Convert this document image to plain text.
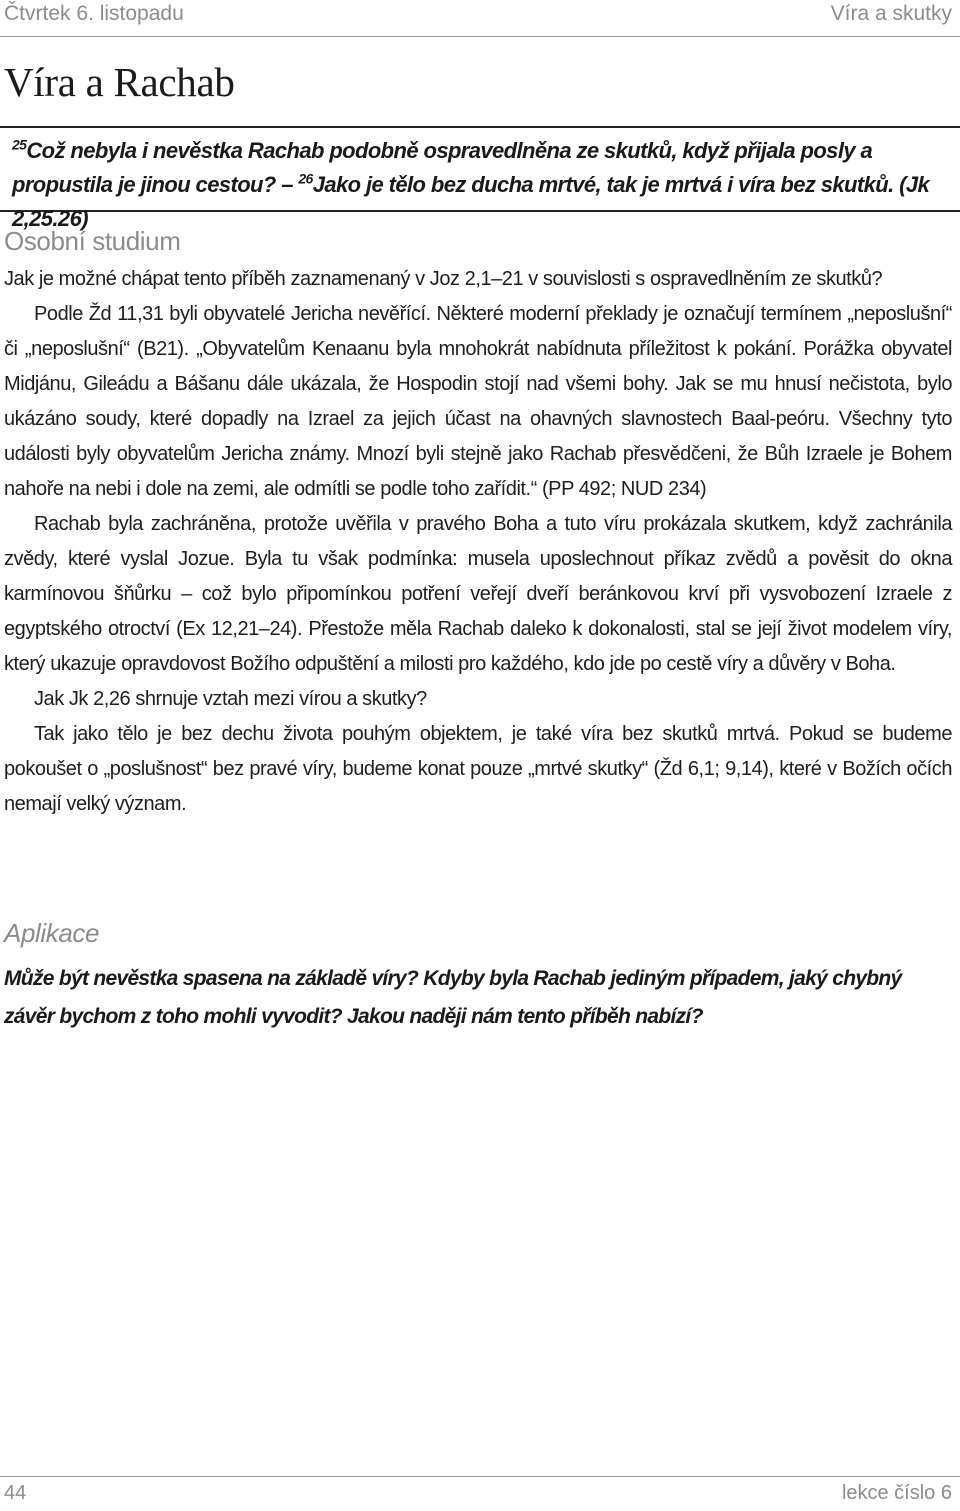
Čtvrtek 6. listopadu	Víra a skutky
Víra a Rachab

$^{25}$Což nebyla i nevěstka Rachab podobně ospravedlněna ze skutků, když přijala posly a propustila je jinou cestou? – $^{26}$Jako je tělo bez ducha mrtvé, tak je mrtvá i víra bez skutků. (Jk 2,25.26)

Osobní studium

Jak je možné chápat tento příběh zaznamenaný v Joz 2,1–21 v souvislosti s ospravedlněním ze skutků?

Podle Žd 11,31 byli obyvatelé Jericha nevěřící. Některé moderní překlady je označují termínem „neposlušní“ či „neposlušní“ (B21). „Obyvatelům Kenaanu byla mnohokrát nabídnuta příležitost k pokání. Porážka obyvatel Midjánu, Gileádu a Bášanu dále ukázala, že Hospodin stojí nad všemi bohy. Jak se mu hnusí nečistota, bylo ukázáno soudy, které dopadly na Izrael za jejich účast na ohavných slavnostech Baal-peóru. Všechny tyto události byly obyvatelům Jericha známy. Mnozí byli stejně jako Rachab přesvědčeni, že Bůh Izraele je Bohem nahoře na nebi i dole na zemi, ale odmítli se podle toho zařídit.“ (PP 492; NUD 234)

Rachab byla zachráněna, protože uvěřila v pravého Boha a tuto víru prokázala skutkem, když zachránila zvědy, které vyslal Jozue. Byla tu však podmínka: musela uposlechnout příkaz zvědů a pověsit do okna karmínovou šňůrku – což bylo připomínkou potření veřejí dveří beránkovou krví při vysvobození Izraele z egyptského otroctví (Ex 12,21–24). Přestože měla Rachab daleko k dokonalosti, stal se její život modelem víry, který ukazuje opravdovost Božího odpuštění a milosti pro každého, kdo jde po cestě víry a důvěry v Boha.

Jak Jk 2,26 shrnuje vztah mezi vírou a skutky?

Tak jako tělo je bez dechu života pouhým objektem, je také víra bez skutků mrtvá. Pokud se budeme pokoušet o „poslušnost“ bez pravé víry, budeme konat pouze „mrtvé skutky“ (Žd 6,1; 9,14), které v Božích očích nemají velký význam.

Aplikace

Může být nevěstka spasena na základě víry? Kdyby byla Rachab jediným případem, jaký chybný závěr bychom z toho mohli vyvodit? Jakou naději nám tento příběh nabízí?

44	lekce číslo 6
